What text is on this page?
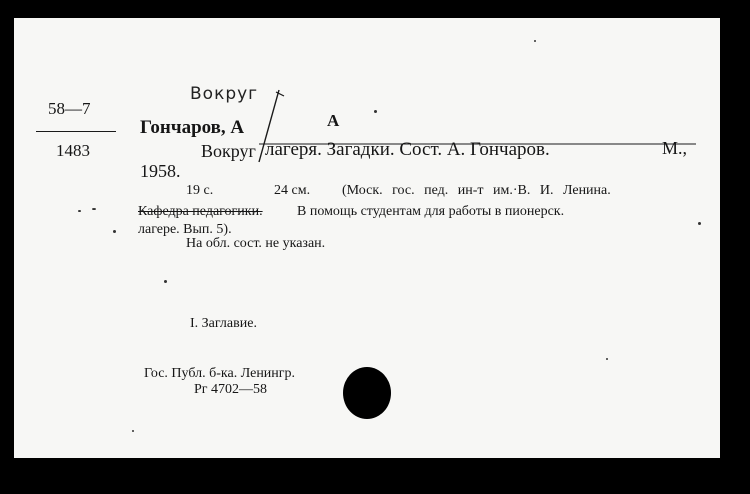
58—7
1483
Вокруг
А
Гончаров, А
Вокруг лагеря. Загадки. Сост. А. Гончаров.	М.,
1958.
19 с.	24 см. (Моск. гос. пед. ин-т им.·В. И. Ленина.
Кафедра педагогики. В помощь студентам для работы в пионерск.
лагере. Вып. 5).
На обл. сост. не указан.
I. Заглавие.
Гос. Публ. б-ка. Ленингр.
Рг 4702—58
